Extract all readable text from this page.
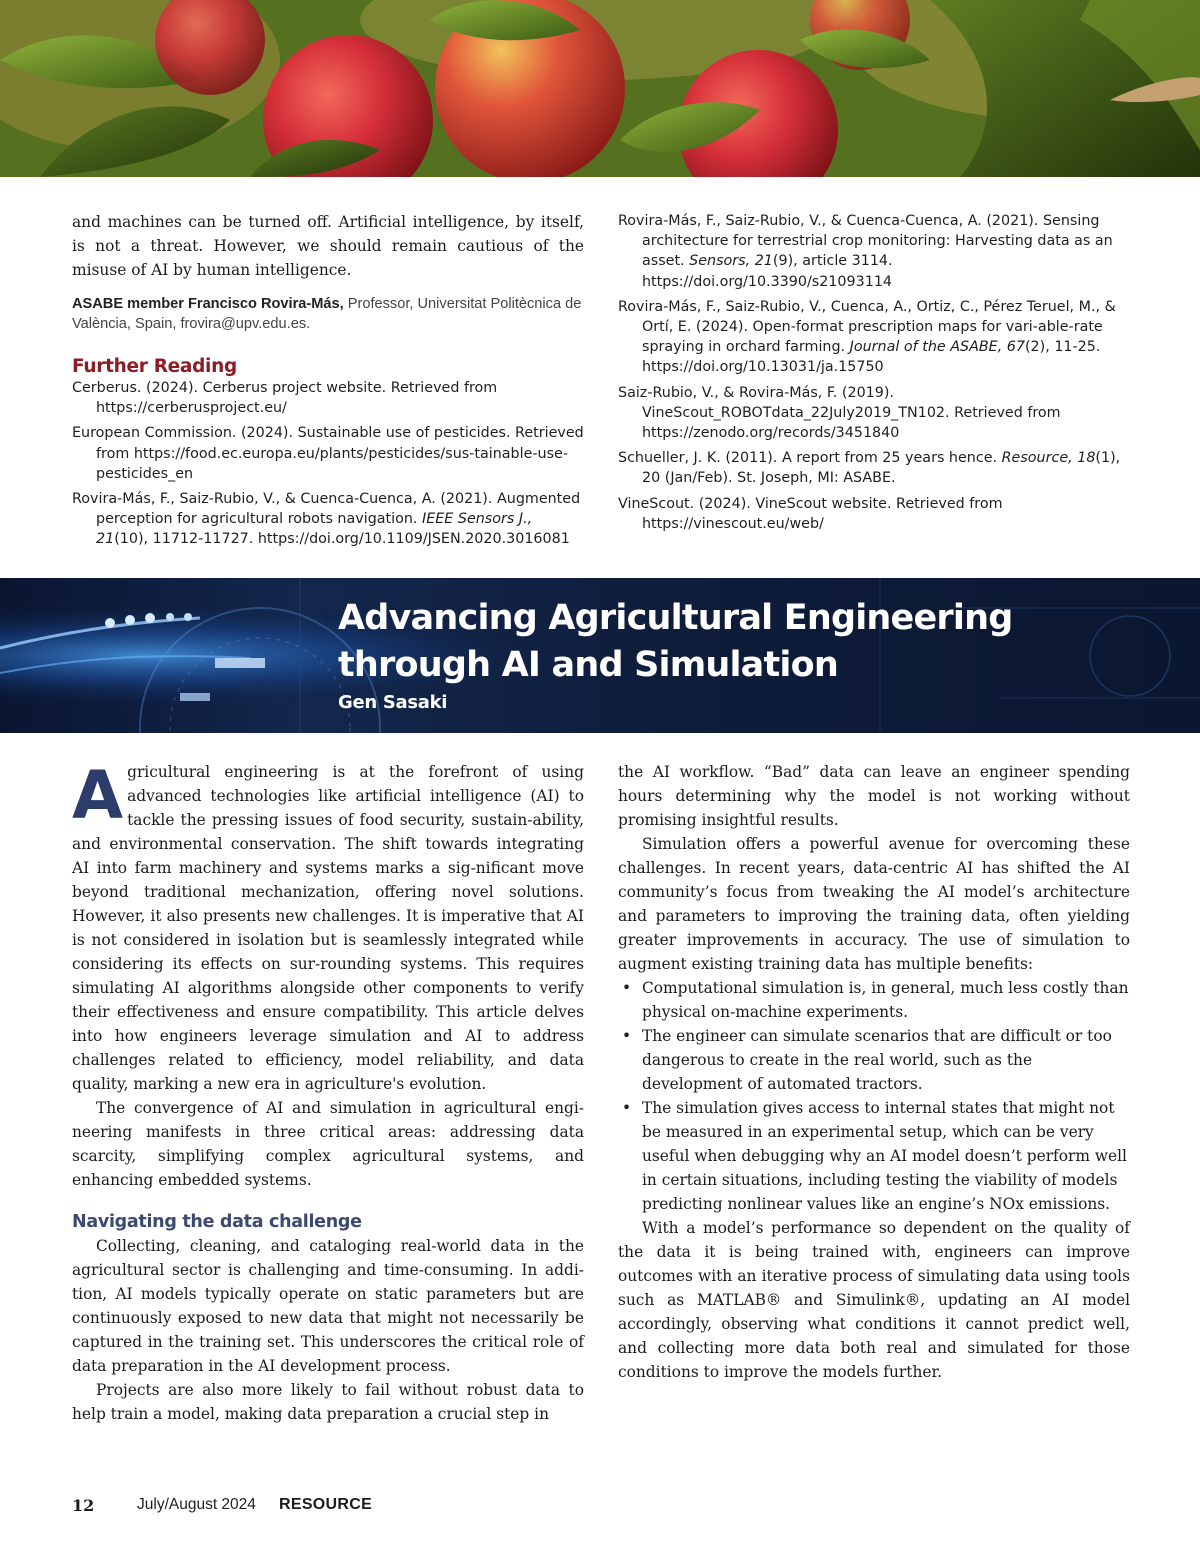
and machines can be turned off. Artificial intelligence, by itself, is not a threat. However, we should remain cautious of the misuse of AI by human intelligence.

ASABE member Francisco Rovira-Más, Professor, Universitat Politècnica de València, Spain, frovira@upv.edu.es.

Further Reading

Cerberus. (2024). Cerberus project website. Retrieved from https://cerberusproject.eu/

European Commission. (2024). Sustainable use of pesticides. Retrieved from https://food.ec.europa.eu/plants/pesticides/sus-tainable-use-pesticides_en

Rovira-Más, F., Saiz-Rubio, V., & Cuenca-Cuenca, A. (2021). Augmented perception for agricultural robots navigation. IEEE Sensors J., 21(10), 11712-11727. https://doi.org/10.1109/JSEN.2020.3016081

Rovira-Más, F., Saiz-Rubio, V., & Cuenca-Cuenca, A. (2021). Sensing architecture for terrestrial crop monitoring: Harvesting data as an asset. Sensors, 21(9), article 3114. https://doi.org/10.3390/s21093114

Rovira-Más, F., Saiz-Rubio, V., Cuenca, A., Ortiz, C., Pérez Teruel, M., & Ortí, E. (2024). Open-format prescription maps for vari-able-rate spraying in orchard farming. Journal of the ASABE, 67(2), 11-25. https://doi.org/10.13031/ja.15750

Saiz-Rubio, V., & Rovira-Más, F. (2019). VineScout_ROBOTdata_22July2019_TN102. Retrieved from https://zenodo.org/records/3451840

Schueller, J. K. (2011). A report from 25 years hence. Resource, 18(1), 20 (Jan/Feb). St. Joseph, MI: ASABE.

VineScout. (2024). VineScout website. Retrieved from https://vinescout.eu/web/

Advancing Agricultural Engineering
through AI and Simulation
Gen Sasaki

Agricultural engineering is at the forefront of using advanced technologies like artificial intelligence (AI) to tackle the pressing issues of food security, sustain-ability, and environmental conservation. The shift towards integrating AI into farm machinery and systems marks a sig-nificant move beyond traditional mechanization, offering novel solutions. However, it also presents new challenges. It is imperative that AI is not considered in isolation but is seamlessly integrated while considering its effects on sur-rounding systems. This requires simulating AI algorithms alongside other components to verify their effectiveness and ensure compatibility. This article delves into how engineers leverage simulation and AI to address challenges related to efficiency, model reliability, and data quality, marking a new era in agriculture's evolution.

The convergence of AI and simulation in agricultural engi-neering manifests in three critical areas: addressing data scarcity, simplifying complex agricultural systems, and enhancing embedded systems.

Navigating the data challenge

Collecting, cleaning, and cataloging real-world data in the agricultural sector is challenging and time-consuming. In addi-tion, AI models typically operate on static parameters but are continuously exposed to new data that might not necessarily be captured in the training set. This underscores the critical role of data preparation in the AI development process.

Projects are also more likely to fail without robust data to help train a model, making data preparation a crucial step in

the AI workflow. “Bad” data can leave an engineer spending hours determining why the model is not working without promising insightful results.

Simulation offers a powerful avenue for overcoming these challenges. In recent years, data-centric AI has shifted the AI community’s focus from tweaking the AI model’s architecture and parameters to improving the training data, often yielding greater improvements in accuracy. The use of simulation to augment existing training data has multiple benefits:

• Computational simulation is, in general, much less costly than physical on-machine experiments.
• The engineer can simulate scenarios that are difficult or too dangerous to create in the real world, such as the development of automated tractors.
• The simulation gives access to internal states that might not be measured in an experimental setup, which can be very useful when debugging why an AI model doesn’t perform well in certain situations, including testing the viability of models predicting nonlinear values like an engine’s NOx emissions.

With a model’s performance so dependent on the quality of the data it is being trained with, engineers can improve outcomes with an iterative process of simulating data using tools such as MATLAB® and Simulink®, updating an AI model accordingly, observing what conditions it cannot predict well, and collecting more data both real and simulated for those conditions to improve the models further.

12	July/August 2024 RESOURCE
